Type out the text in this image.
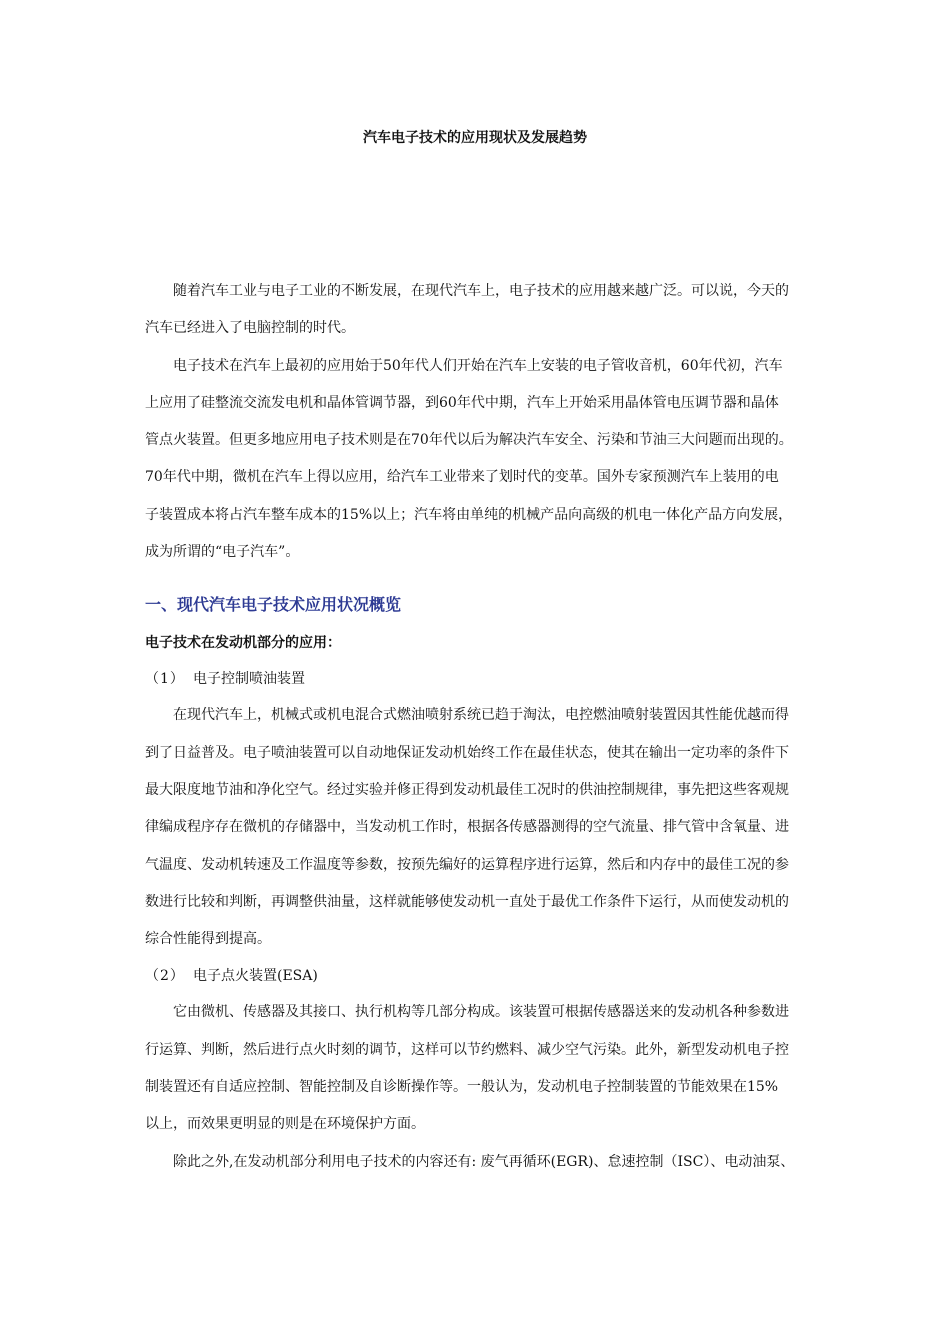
汽车电子技术的应用现状及发展趋势
　　随着汽车工业与电子工业的不断发展，在现代汽车上，电子技术的应用越来越广泛。可以说，今天的
汽车已经进入了电脑控制的时代。
　　电子技术在汽车上最初的应用始于50年代人们开始在汽车上安装的电子管收音机，60年代初，汽车
上应用了硅整流交流发电机和晶体管调节器，到60年代中期，汽车上开始采用晶体管电压调节器和晶体
管点火装置。但更多地应用电子技术则是在70年代以后为解决汽车安全、污染和节油三大问题而出现的。
70年代中期，微机在汽车上得以应用，给汽车工业带来了划时代的变革。国外专家预测汽车上装用的电
子装置成本将占汽车整车成本的15%以上；汽车将由单纯的机械产品向高级的机电一体化产品方向发展，
成为所谓的“电子汽车”。
一、现代汽车电子技术应用状况概览
电子技术在发动机部分的应用：
（1） 电子控制喷油装置
　　在现代汽车上，机械式或机电混合式燃油喷射系统已趋于淘汰，电控燃油喷射装置因其性能优越而得
到了日益普及。电子喷油装置可以自动地保证发动机始终工作在最佳状态，使其在输出一定功率的条件下
最大限度地节油和净化空气。经过实验并修正得到发动机最佳工况时的供油控制规律，事先把这些客观规
律编成程序存在微机的存储器中，当发动机工作时，根据各传感器测得的空气流量、排气管中含氧量、进
气温度、发动机转速及工作温度等参数，按预先编好的运算程序进行运算，然后和内存中的最佳工况的参
数进行比较和判断，再调整供油量，这样就能够使发动机一直处于最优工作条件下运行，从而使发动机的
综合性能得到提高。
（2） 电子点火装置(ESA)
　　它由微机、传感器及其接口、执行机构等几部分构成。该装置可根据传感器送来的发动机各种参数进
行运算、判断，然后进行点火时刻的调节，这样可以节约燃料、减少空气污染。此外，新型发动机电子控
制装置还有自适应控制、智能控制及自诊断操作等。一般认为，发动机电子控制装置的节能效果在15%
以上，而效果更明显的则是在环境保护方面。
　　除此之外,在发动机部分利用电子技术的内容还有: 废气再循环(EGR)、怠速控制（ISC）、电动油泵、
